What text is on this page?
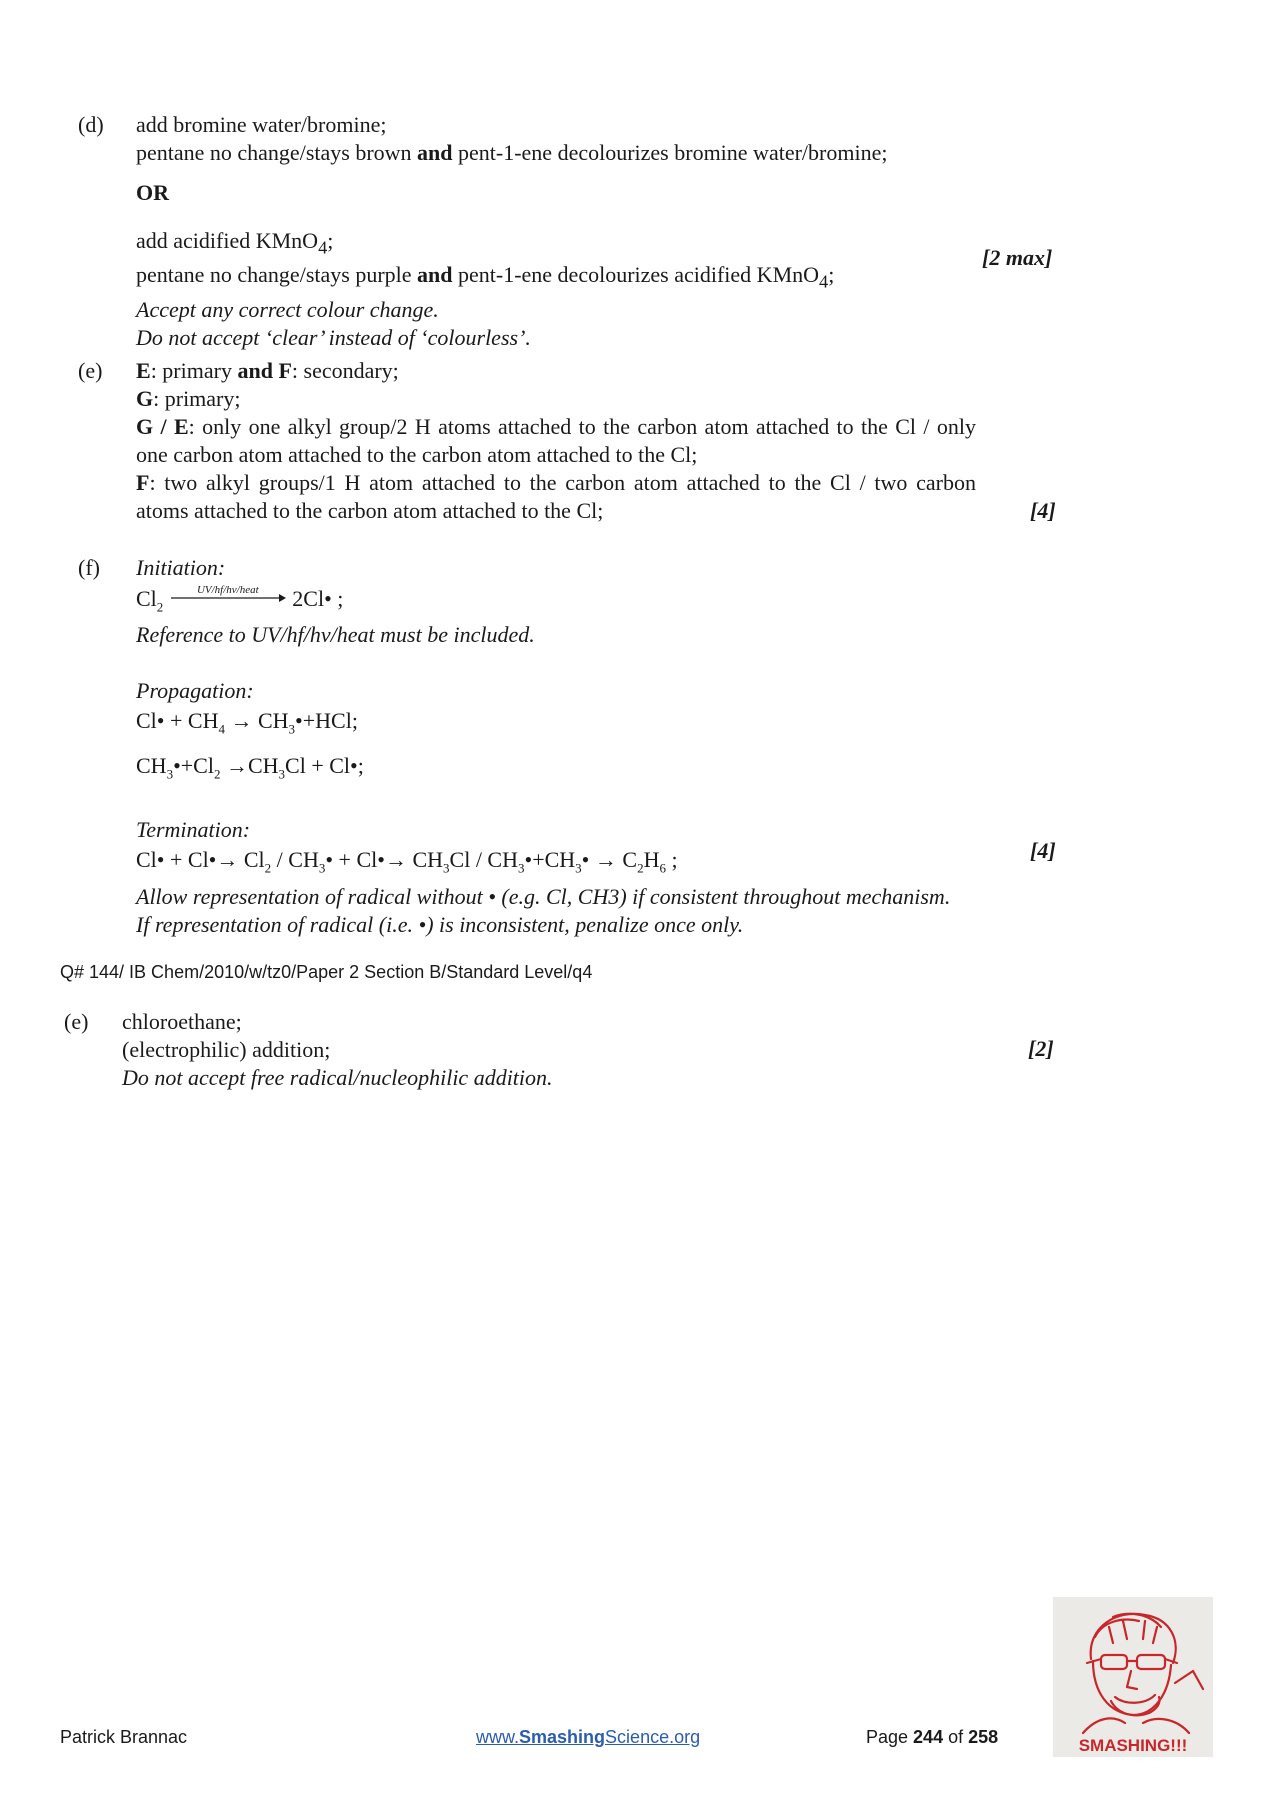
(d) add bromine water/bromine;
pentane no change/stays brown and pent-1-ene decolourizes bromine water/bromine;
OR
add acidified KMnO$_4$;
pentane no change/stays purple and pent-1-ene decolourizes acidified KMnO$_4$;
Accept any correct colour change.
Do not accept ‘clear’ instead of ‘colourless’.
[2 max]
(e) E: primary and F: secondary;
G: primary;
G / E: only one alkyl group/2 H atoms attached to the carbon atom attached to the Cl / only one carbon atom attached to the carbon atom attached to the Cl;
F: two alkyl groups/1 H atom attached to the carbon atom attached to the Cl / two carbon atoms attached to the carbon atom attached to the Cl;	[4]
(f) Initiation:
$Cl_2$
UV/hf/hv/heat	2Cl• ;
Reference to UV/hf/hv/heat must be included.
Propagation:
Cl• + $CH_4$ → $CH_3•+HCl$;
$CH_3•+Cl_2 \to CH_3Cl$ + Cl•;
Termination:
Cl• + Cl•→ $Cl_2$ / $CH_3•$ + Cl•→ $CH_3Cl$ / $CH_3•+CH_3• \to C_2H_6$ ;
Allow representation of radical without • (e.g. Cl, CH3) if consistent throughout mechanism.
If representation of radical (i.e. •) is inconsistent, penalize once only.
[4]
Q# 144/ IB Chem/2010/w/tz0/Paper 2 Section B/Standard Level/q4
(e) chloroethane;
(electrophilic) addition;
Do not accept free radical/nucleophilic addition.
[2]
Patrick Brannac	www.SmashingScience.org	Page 244 of 258	SMASHING!!!
